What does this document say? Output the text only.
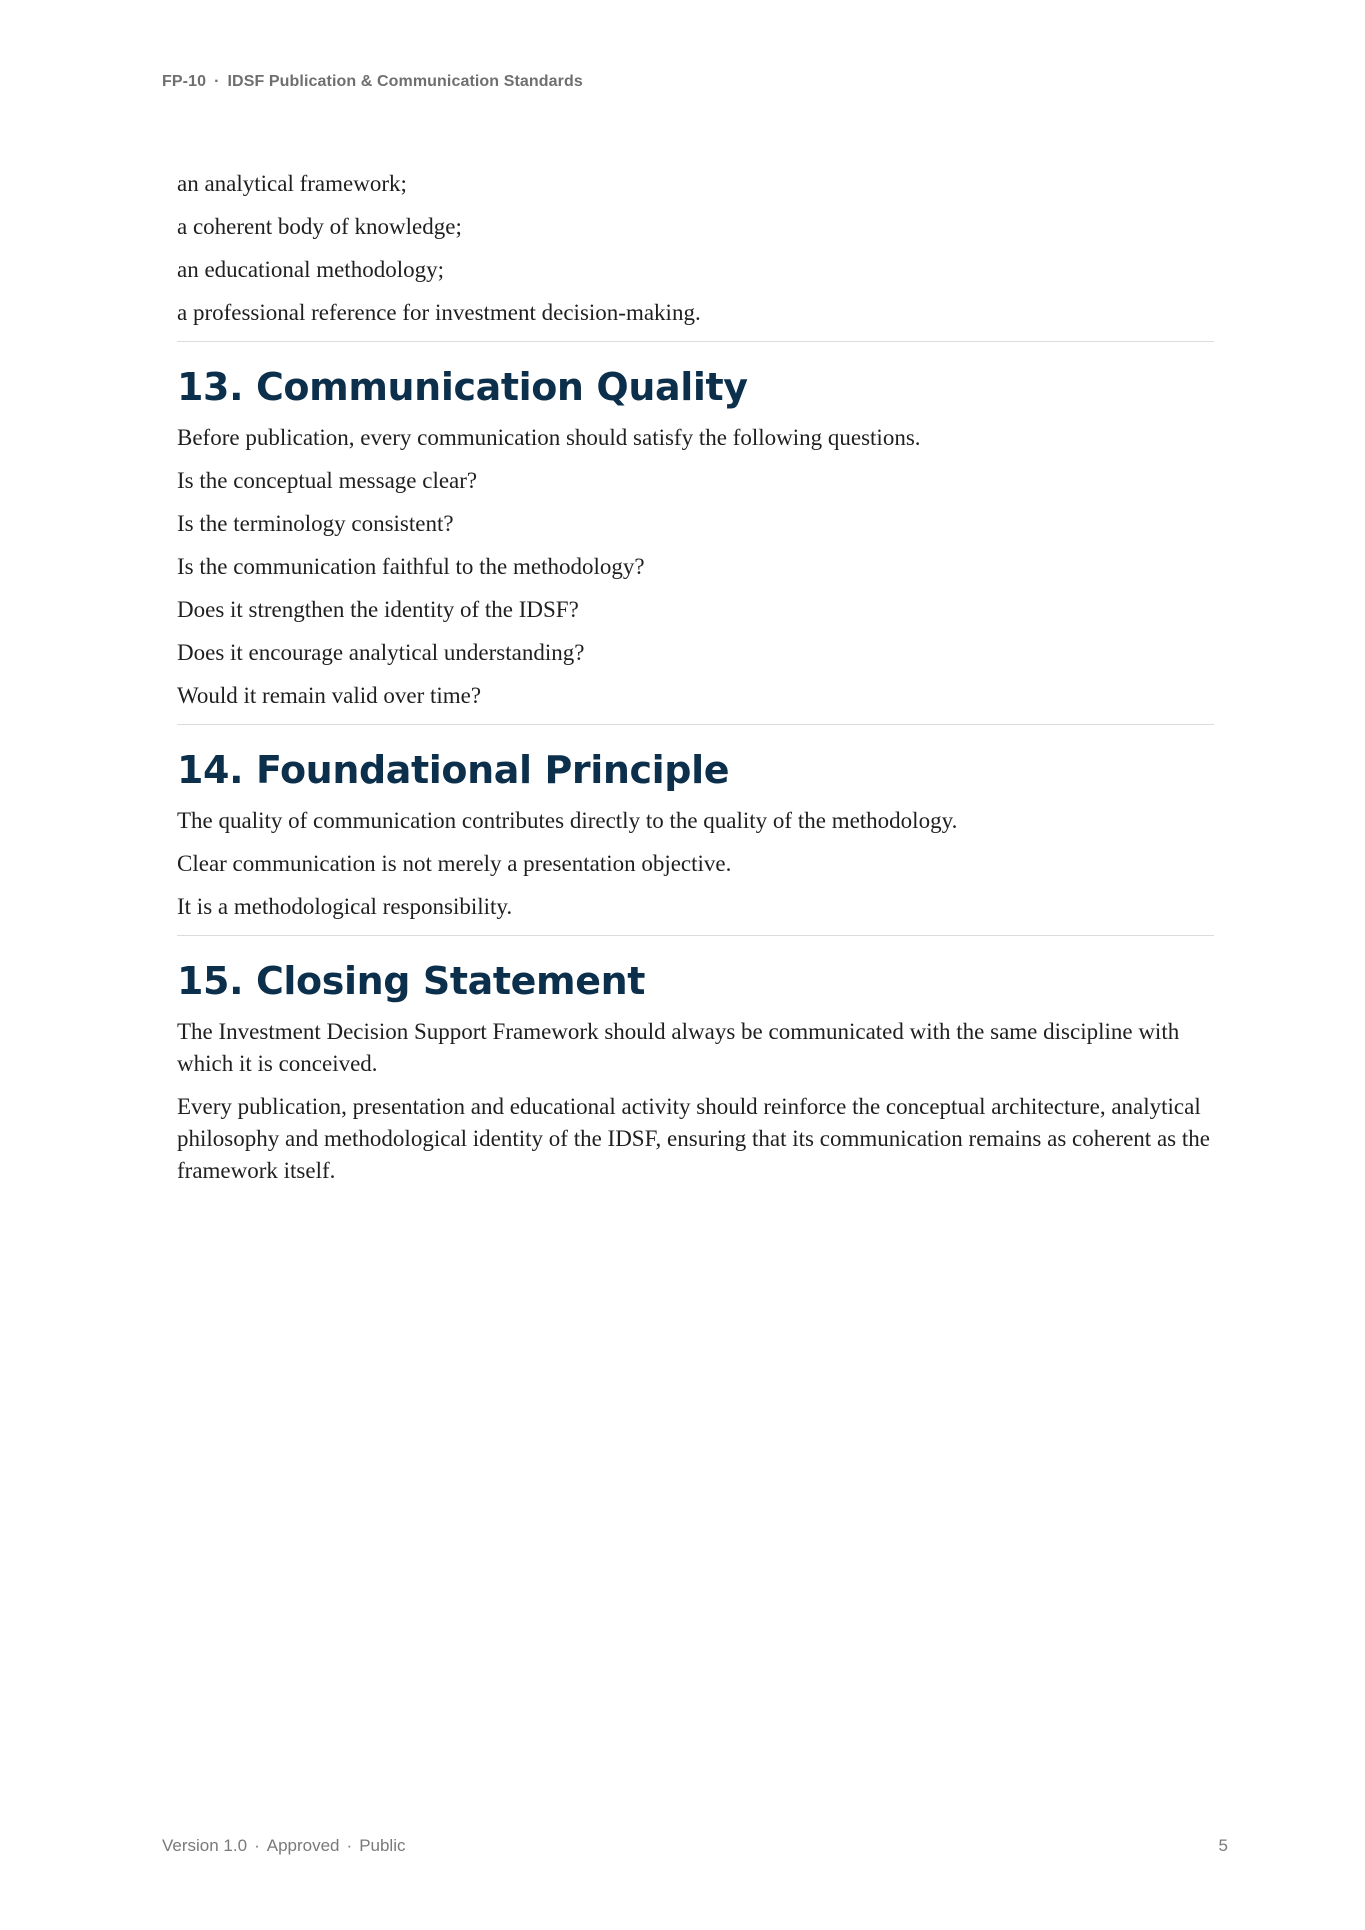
FP-10 · IDSF Publication & Communication Standards

an analytical framework;

a coherent body of knowledge;

an educational methodology;

a professional reference for investment decision-making.

13. Communication Quality

Before publication, every communication should satisfy the following questions.

Is the conceptual message clear?

Is the terminology consistent?

Is the communication faithful to the methodology?

Does it strengthen the identity of the IDSF?

Does it encourage analytical understanding?

Would it remain valid over time?

14. Foundational Principle

The quality of communication contributes directly to the quality of the methodology.

Clear communication is not merely a presentation objective.

It is a methodological responsibility.

15. Closing Statement

The Investment Decision Support Framework should always be communicated with the same discipline with which it is conceived.

Every publication, presentation and educational activity should reinforce the conceptual architecture, analytical philosophy and methodological identity of the IDSF, ensuring that its communication remains as coherent as the framework itself.

Version 1.0 · Approved · Public	5
